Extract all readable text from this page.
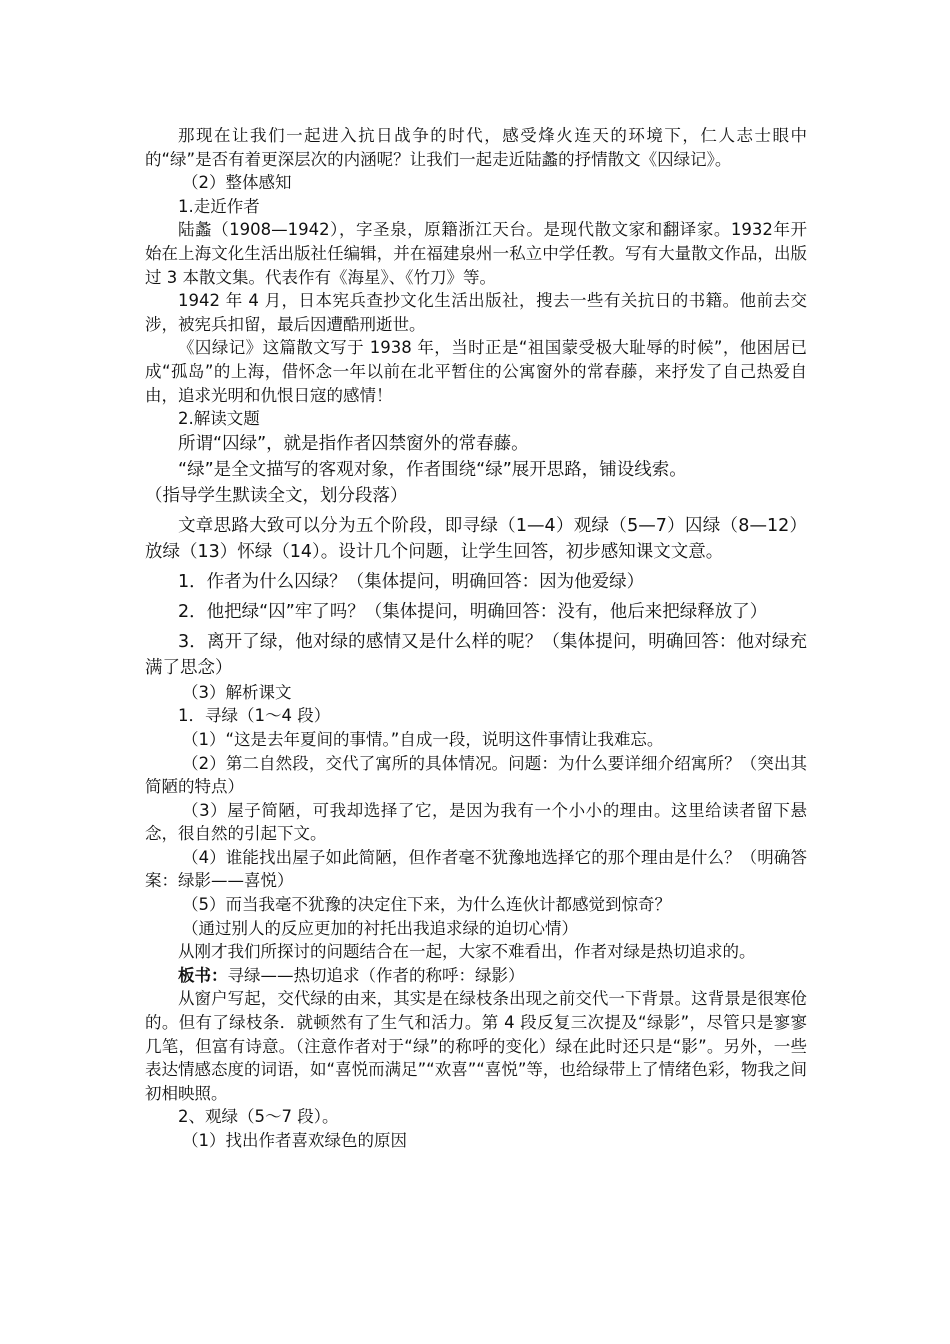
那现在让我们一起进入抗日战争的时代，感受烽火连天的环境下，仁人志士眼中的“绿”是否有着更深层次的内涵呢？让我们一起走近陆蠡的抒情散文《囚绿记》。

（2）整体感知

1.走近作者

陆蠡（1908—1942），字圣泉，原籍浙江天台。是现代散文家和翻译家。1932年开始在上海文化生活出版社任编辑，并在福建泉州一私立中学任教。写有大量散文作品，出版过 3 本散文集。代表作有《海星》、《竹刀》等。

1942 年 4 月，日本宪兵查抄文化生活出版社，搜去一些有关抗日的书籍。他前去交涉，被宪兵扣留，最后因遭酷刑逝世。

《囚绿记》这篇散文写于 1938 年，当时正是“祖国蒙受极大耻辱的时候”，他困居已成“孤岛”的上海，借怀念一年以前在北平暂住的公寓窗外的常春藤，来抒发了自己热爱自由，追求光明和仇恨日寇的感情！

2.解读文题

所谓“囚绿”，就是指作者囚禁窗外的常春藤。

“绿”是全文描写的客观对象，作者围绕“绿”展开思路，铺设线索。

（指导学生默读全文，划分段落）

文章思路大致可以分为五个阶段，即寻绿（1—4）观绿（5—7）囚绿（8—12）放绿（13）怀绿（14）。设计几个问题，让学生回答，初步感知课文文意。

1．作者为什么囚绿？（集体提问，明确回答：因为他爱绿）

2．他把绿“囚”牢了吗？（集体提问，明确回答：没有，他后来把绿释放了）

3．离开了绿，他对绿的感情又是什么样的呢？（集体提问，明确回答：他对绿充满了思念）

（3）解析课文

1．寻绿（1～4 段）

（1）“这是去年夏间的事情。”自成一段，说明这件事情让我难忘。

（2）第二自然段，交代了寓所的具体情况。问题：为什么要详细介绍寓所？（突出其简陋的特点）

（3）屋子简陋，可我却选择了它，是因为我有一个小小的理由。这里给读者留下悬念，很自然的引起下文。

（4）谁能找出屋子如此简陋，但作者毫不犹豫地选择它的那个理由是什么？（明确答案：绿影——喜悦）

（5）而当我毫不犹豫的决定住下来，为什么连伙计都感觉到惊奇？

（通过别人的反应更加的衬托出我追求绿的迫切心情）

从刚才我们所探讨的问题结合在一起，大家不难看出，作者对绿是热切追求的。

板书：寻绿——热切追求（作者的称呼：绿影）

从窗户写起，交代绿的由来，其实是在绿枝条出现之前交代一下背景。这背景是很寒伧的。但有了绿枝条．就顿然有了生气和活力。第 4 段反复三次提及“绿影”，尽管只是寥寥几笔，但富有诗意。（注意作者对于“绿”的称呼的变化）绿在此时还只是“影”。另外，一些表达情感态度的词语，如“喜悦而满足”“欢喜”“喜悦”等，也给绿带上了情绪色彩，物我之间初相映照。

2、观绿（5～7 段）。

（1）找出作者喜欢绿色的原因
